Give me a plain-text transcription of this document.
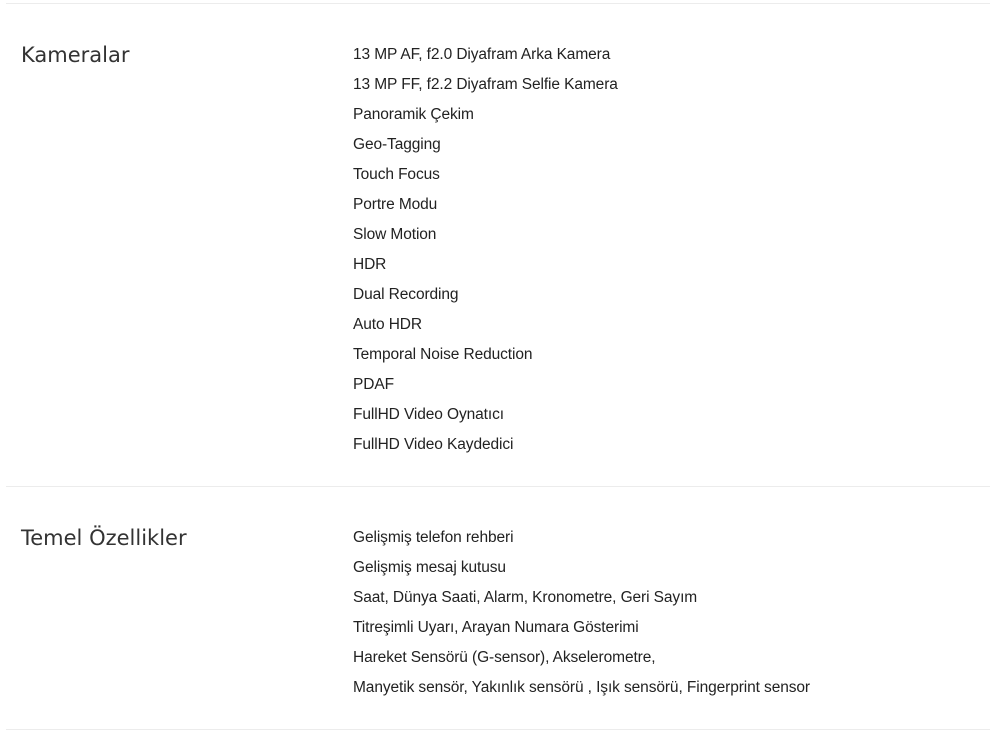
Kameralar	13 MP AF, f2.0 Diyafram Arka Kamera
13 MP FF, f2.2 Diyafram Selfie Kamera
Panoramik Çekim
Geo-Tagging
Touch Focus
Portre Modu
Slow Motion
HDR
Dual Recording
Auto HDR
Temporal Noise Reduction
PDAF
FullHD Video Oynatıcı
FullHD Video Kaydedici
Temel Özellikler	Gelişmiş telefon rehberi
Gelişmiş mesaj kutusu
Saat, Dünya Saati, Alarm, Kronometre, Geri Sayım
Titreşimli Uyarı, Arayan Numara Gösterimi
Hareket Sensörü (G-sensor), Akselerometre,
Manyetik sensör, Yakınlık sensörü , Işık sensörü, Fingerprint sensor
